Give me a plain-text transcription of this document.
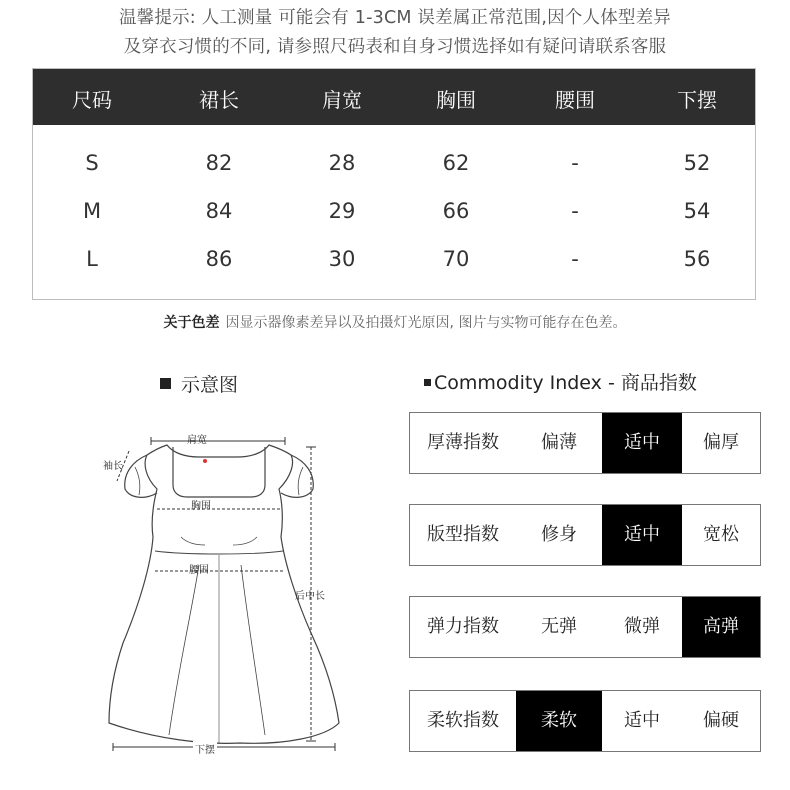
温馨提示: 人工测量 可能会有 1-3CM 误差属正常范围,因个人体型差异
及穿衣习惯的不同, 请参照尺码表和自身习惯选择如有疑问请联系客服
尺码	裙长	肩宽	胸围	腰围	下摆
S	82	28	62	-	52
M	84	29	66	-	54
L	86	30	70	-	56
关于色差 因显示器像素差异以及拍摄灯光原因, 图片与实物可能存在色差。
示意图	Commodity Index - 商品指数
肩宽
袖长
胸围
腰围
后中长
下摆
厚薄指数	偏薄	适中	偏厚
版型指数	修身	适中	宽松
弹力指数	无弹	微弹	高弹
柔软指数	柔软	适中	偏硬
